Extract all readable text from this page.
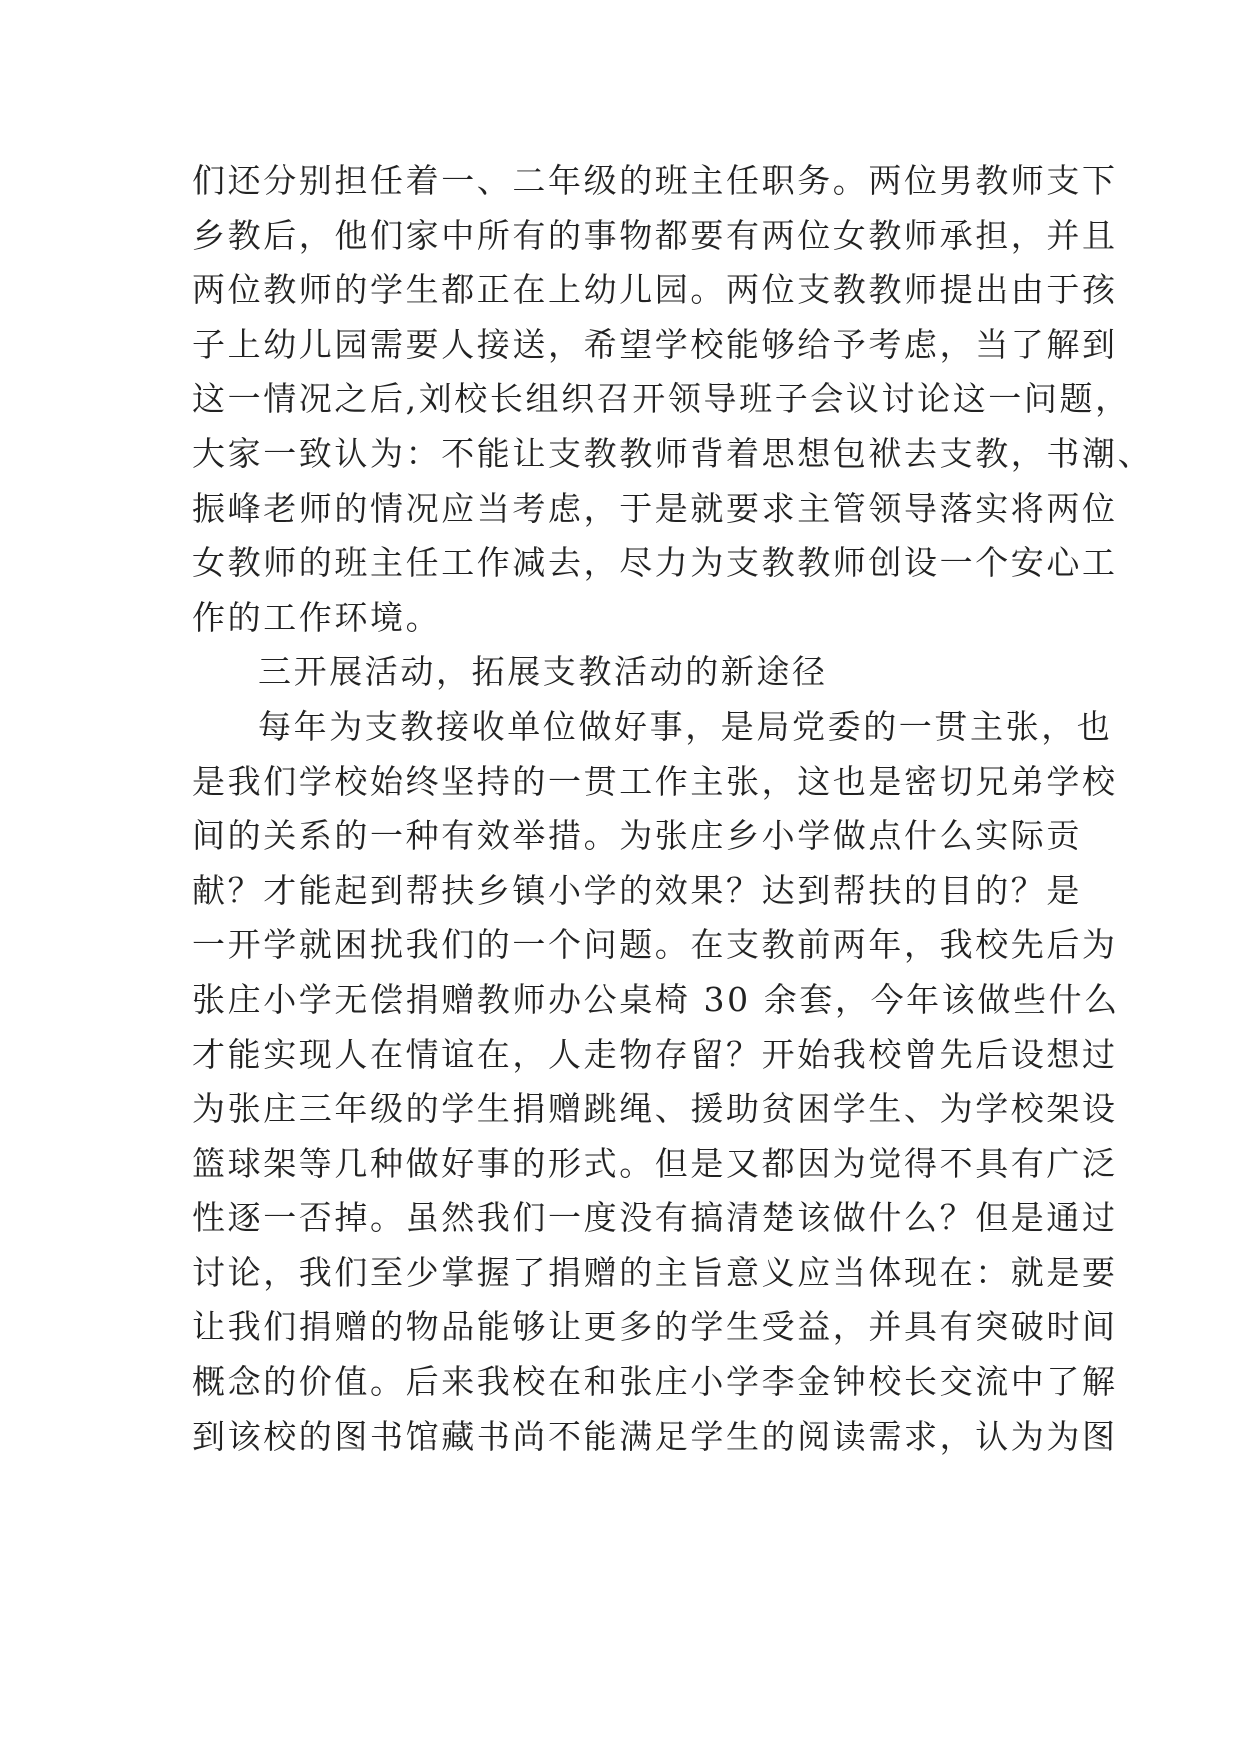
们还分别担任着一、二年级的班主任职务。两位男教师支下
乡教后，他们家中所有的事物都要有两位女教师承担，并且
两位教师的学生都正在上幼儿园。两位支教教师提出由于孩
子上幼儿园需要人接送，希望学校能够给予考虑，当了解到
这一情况之后,刘校长组织召开领导班子会议讨论这一问题，
大家一致认为：不能让支教教师背着思想包袱去支教，书潮、
振峰老师的情况应当考虑，于是就要求主管领导落实将两位
女教师的班主任工作减去，尽力为支教教师创设一个安心工
作的工作环境。
三开展活动，拓展支教活动的新途径
每年为支教接收单位做好事，是局党委的一贯主张，也
是我们学校始终坚持的一贯工作主张，这也是密切兄弟学校
间的关系的一种有效举措。为张庄乡小学做点什么实际贡
献？才能起到帮扶乡镇小学的效果？达到帮扶的目的？是
一开学就困扰我们的一个问题。在支教前两年，我校先后为
张庄小学无偿捐赠教师办公桌椅 30 余套，今年该做些什么
才能实现人在情谊在，人走物存留？开始我校曾先后设想过
为张庄三年级的学生捐赠跳绳、援助贫困学生、为学校架设
篮球架等几种做好事的形式。但是又都因为觉得不具有广泛
性逐一否掉。虽然我们一度没有搞清楚该做什么？但是通过
讨论，我们至少掌握了捐赠的主旨意义应当体现在：就是要
让我们捐赠的物品能够让更多的学生受益，并具有突破时间
概念的价值。后来我校在和张庄小学李金钟校长交流中了解
到该校的图书馆藏书尚不能满足学生的阅读需求，认为为图
